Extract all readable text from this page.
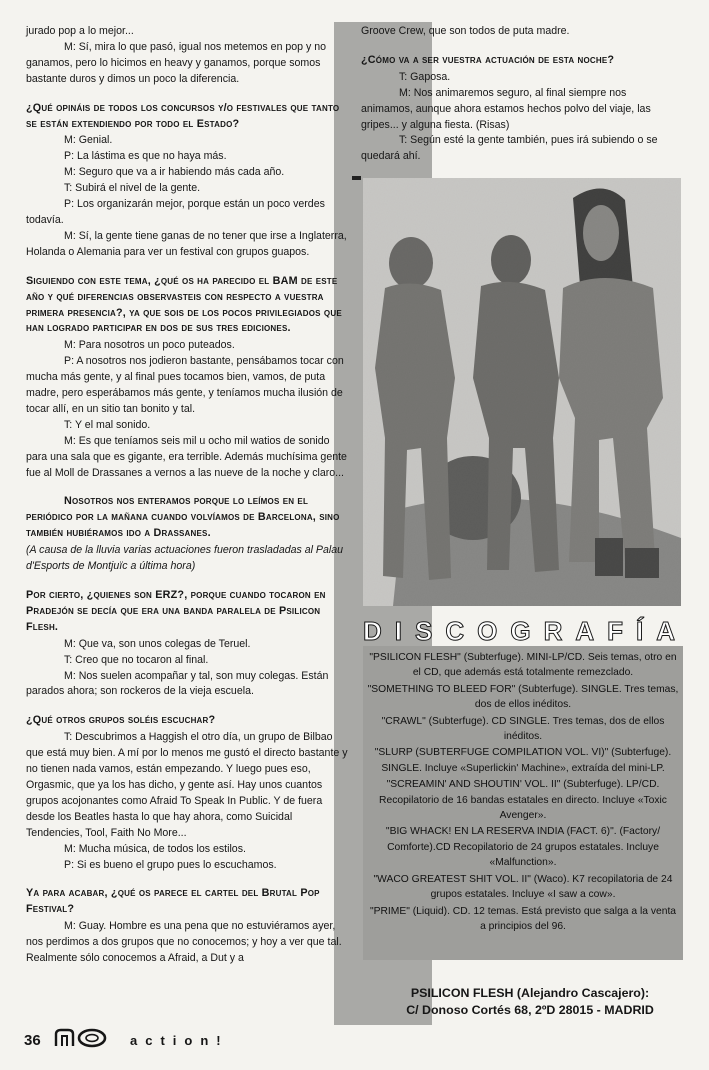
jurado pop a lo mejor...

M: Sí, mira lo que pasó, igual nos metemos en pop y no ganamos, pero lo hicimos en heavy y ganamos, porque somos bastante duros y dimos un poco la diferencia.

¿Qué opináis de todos los concursos y/o festivales que tanto se están extendiendo por todo el Estado?

M: Genial.

P: La lástima es que no haya más.

M: Seguro que va a ir habiendo más cada año.

T: Subirá el nivel de la gente.

P: Los organizarán mejor, porque están un poco verdes todavía.

M: Sí, la gente tiene ganas de no tener que irse a Inglaterra, Holanda o Alemania para ver un festival con grupos guapos.

Siguiendo con este tema, ¿qué os ha parecido el BAM de este año y qué diferencias observasteis con respecto a vuestra primera presencia?, ya que sois de los pocos privilegiados que han logrado participar en dos de sus tres ediciones.

M: Para nosotros un poco puteados.

P: A nosotros nos jodieron bastante, pensábamos tocar con mucha más gente, y al final pues tocamos bien, vamos, de puta madre, pero esperábamos más gente, y teníamos mucha ilusión de tocar allí, en un sitio tan bonito y tal.

T: Y el mal sonido.

M: Es que teníamos seis mil u ocho mil watios de sonido para una sala que es gigante, era terrible. Además muchísima gente fue al Moll de Drassanes a vernos a las nueve de la noche y claro...

Nosotros nos enteramos porque lo leímos en el periódico por la mañana cuando volvíamos de Barcelona, sino también hubiéramos ido a Drassanes.

(A causa de la lluvia varias actuaciones fueron trasladadas al Palau d'Esports de Montjuïc a última hora)

Por cierto, ¿quienes son ERZ?, porque cuando tocaron en Pradejón se decía que era una banda paralela de Psilicon Flesh.

M: Que va, son unos colegas de Teruel.

T: Creo que no tocaron al final.

M: Nos suelen acompañar y tal, son muy colegas. Están parados ahora; son rockeros de la vieja escuela.

¿Qué otros grupos soléis escuchar?

T: Descubrimos a Haggish el otro día, un grupo de Bilbao que está muy bien. A mí por lo menos me gustó el directo bastante y no tienen nada vamos, están empezando. Y luego pues eso, Orgasmic, que ya los has dicho, y gente así. Hay unos cuantos grupos acojonantes como Afraid To Speak In Public. Y de fuera desde los Beatles hasta lo que hay ahora, como Suicidal Tendencies, Tool, Faith No More...

M: Mucha música, de todos los estilos.

P: Si es bueno el grupo pues lo escuchamos.

Ya para acabar, ¿qué os parece el cartel del Brutal Pop Festival?

M: Guay. Hombre es una pena que no estuviéramos ayer, nos perdimos a dos grupos que no conocemos; y hoy a ver que tal. Realmente sólo conocemos a Afraid, a Dut y a

Groove Crew, que son todos de puta madre.

¿Cómo va a ser vuestra actuación de esta noche?

T: Gaposa.

M: Nos animaremos seguro, al final siempre nos animamos, aunque ahora estamos hechos polvo del viaje, las gripes... y alguna fiesta. (Risas)

T: Según esté la gente también, pues irá subiendo o se quedará ahí.

DISCOGRAFÍA

"PSILICON FLESH" (Subterfuge). MINI-LP/CD. Seis temas, otro en el CD, que además está totalmente remezclado.

"SOMETHING TO BLEED FOR" (Subterfuge). SINGLE. Tres temas, dos de ellos inéditos.

"CRAWL" (Subterfuge). CD SINGLE. Tres temas, dos de ellos inéditos.

"SLURP (SUBTERFUGE COMPILATION VOL. VI)" (Subterfuge). SINGLE. Incluye «Superlickin' Machine», extraída del mini-LP.

"SCREAMIN' AND SHOUTIN' VOL. II" (Subterfuge). LP/CD. Recopilatorio de 16 bandas estatales en directo. Incluye «Toxic Avenger».

"BIG WHACK! EN LA RESERVA INDIA (FACT. 6)". (Factory/ Comforte).CD Recopilatorio de 24 grupos estatales. Incluye «Malfunction».

"WACO GREATEST SHIT VOL. II" (Waco). K7 recopilatoria de 24 grupos estatales. Incluye «I saw a cow».

"PRIME" (Liquid). CD. 12 temas. Está previsto que salga a la venta a principios del 96.

PSILICON FLESH (Alejandro Cascajero):
C/ Donoso Cortés 68, 2ºD 28015 - MADRID
36	action!
